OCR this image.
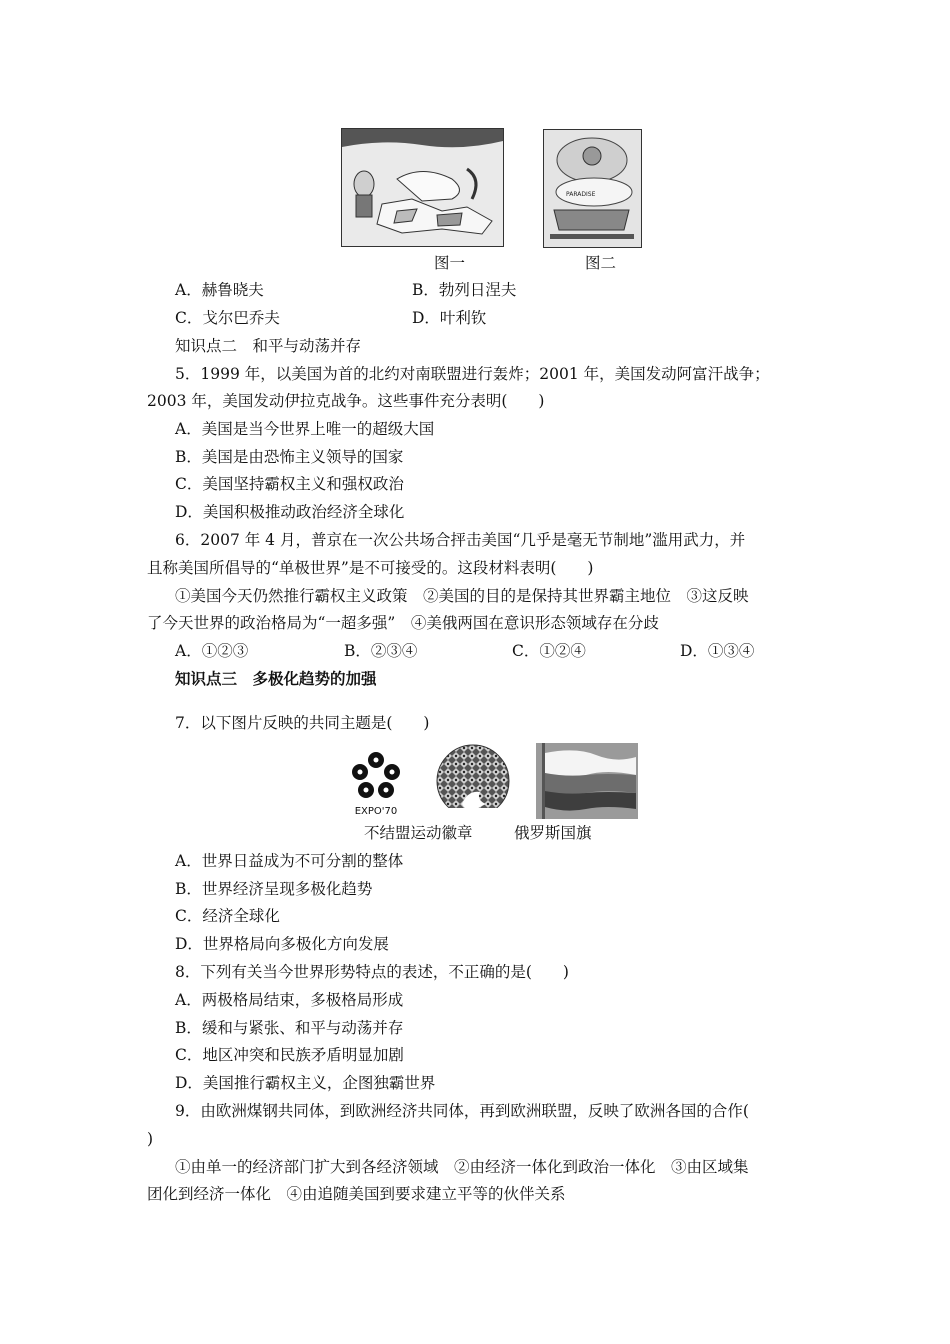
PARADISE
图一	图二
A．赫鲁晓夫	B．勃列日涅夫
C．戈尔巴乔夫	D．叶利钦
知识点二　和平与动荡并存
5．1999 年，以美国为首的北约对南联盟进行轰炸；2001 年，美国发动阿富汗战争；
2003 年，美国发动伊拉克战争。这些事件充分表明(　　)
A．美国是当今世界上唯一的超级大国
B．美国是由恐怖主义领导的国家
C．美国坚持霸权主义和强权政治
D．美国积极推动政治经济全球化
6．2007 年 4 月，普京在一次公共场合抨击美国“几乎是毫无节制地”滥用武力，并
且称美国所倡导的“单极世界”是不可接受的。这段材料表明(　　)
①美国今天仍然推行霸权主义政策　②美国的目的是保持其世界霸主地位　③这反映
了今天世界的政治格局为“一超多强”　④美俄两国在意识形态领域存在分歧
A．①②③	B．②③④	C．①②④	D．①③④
知识点三　多极化趋势的加强
7．以下图片反映的共同主题是(　　)
EXPO'70
不结盟运动徽章	俄罗斯国旗
A．世界日益成为不可分割的整体
B．世界经济呈现多极化趋势
C．经济全球化
D．世界格局向多极化方向发展
8．下列有关当今世界形势特点的表述，不正确的是(　　)
A．两极格局结束，多极格局形成
B．缓和与紧张、和平与动荡并存
C．地区冲突和民族矛盾明显加剧
D．美国推行霸权主义，企图独霸世界
9．由欧洲煤钢共同体，到欧洲经济共同体，再到欧洲联盟，反映了欧洲各国的合作(
)
①由单一的经济部门扩大到各经济领域　②由经济一体化到政治一体化　③由区域集
团化到经济一体化　④由追随美国到要求建立平等的伙伴关系
